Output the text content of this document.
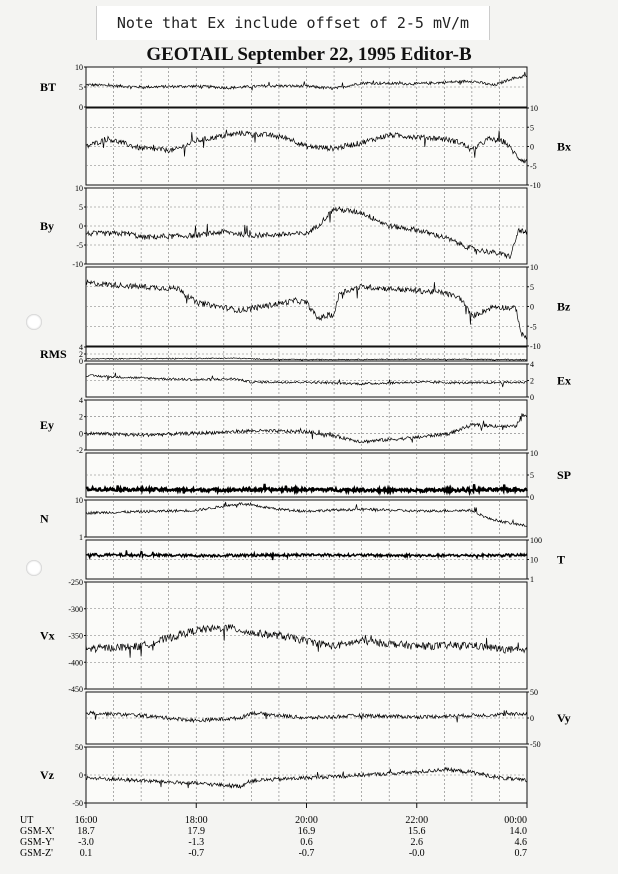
Note that Ex include offset of 2-5 mV/m
GEOTAIL September 22, 1995 Editor-B
10
5
0
BT
10
5
0
-5
-10
Bx
10
5
0
-5
-10
By
10
5
0
-5
-10
Bz
4
2
0
RMS
4
2
0
Ex
4
2
0
-2
Ey
10
5
0
SP
10
1
N
100
10
1
T
-250
-300
-350
-400
-450
Vx
50
0
-50
Vy
50
0
-50
Vz
UT
GSM-X'
GSM-Y'
GSM-Z'
16:00
18.7
-3.0
0.1
18:00
17.9
-1.3
-0.7
20:00
16.9
0.6
-0.7
22:00
15.6
2.6
-0.0
00:00
14.0
4.6
0.7
